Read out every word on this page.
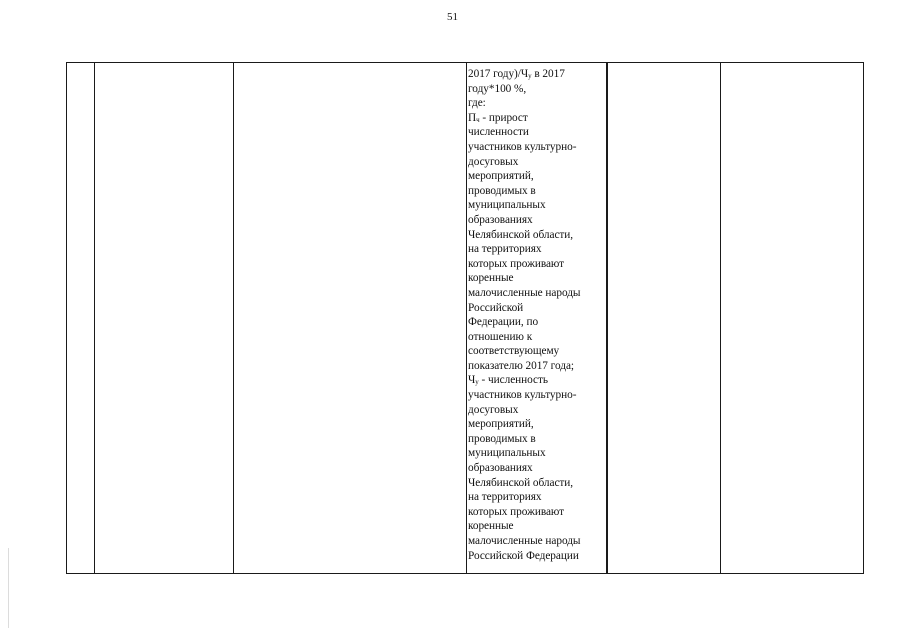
51
2017 $году)/Ч_у$ в 2017
году*100 %,
где:
$П_ч$ - прирост
численности
участников культурно-
досуговых
мероприятий,
проводимых в
муниципальных
образованиях
Челябинской области,
на территориях
которых проживают
коренные
малочисленные народы
Российской
Федерации, по
отношению к
соответствующему
показателю 2017 года;
$Ч_у$ - численность
участников культурно-
досуговых
мероприятий,
проводимых в
муниципальных
образованиях
Челябинской области,
на территориях
которых проживают
коренные
малочисленные народы
Российской Федерации
